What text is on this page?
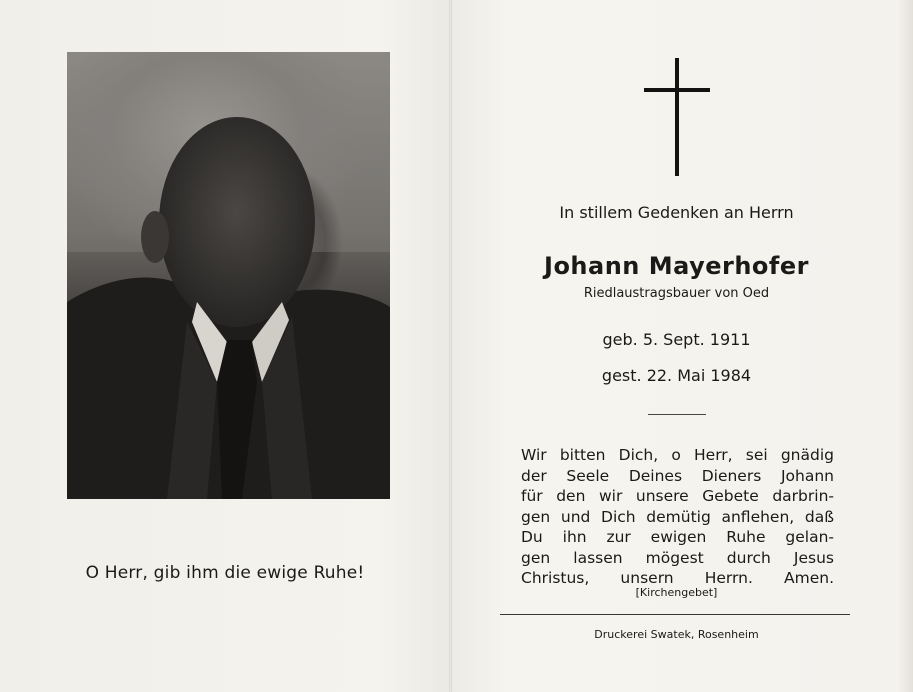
O Herr, gib ihm die ewige Ruhe!
In stillem Gedenken an Herrn
Johann Mayerhofer
Riedlaustragsbauer von Oed
geb. 5. Sept. 1911
gest. 22. Mai 1984
Wir bitten Dich, o Herr, sei gnädig
der Seele Deines Dieners Johann
für den wir unsere Gebete darbrin-
gen und Dich demütig anflehen, daß
Du ihn zur ewigen Ruhe gelan-
gen lassen mögest durch Jesus
Christus, unsern Herrn. Amen.
[Kirchengebet]
Druckerei Swatek, Rosenheim
